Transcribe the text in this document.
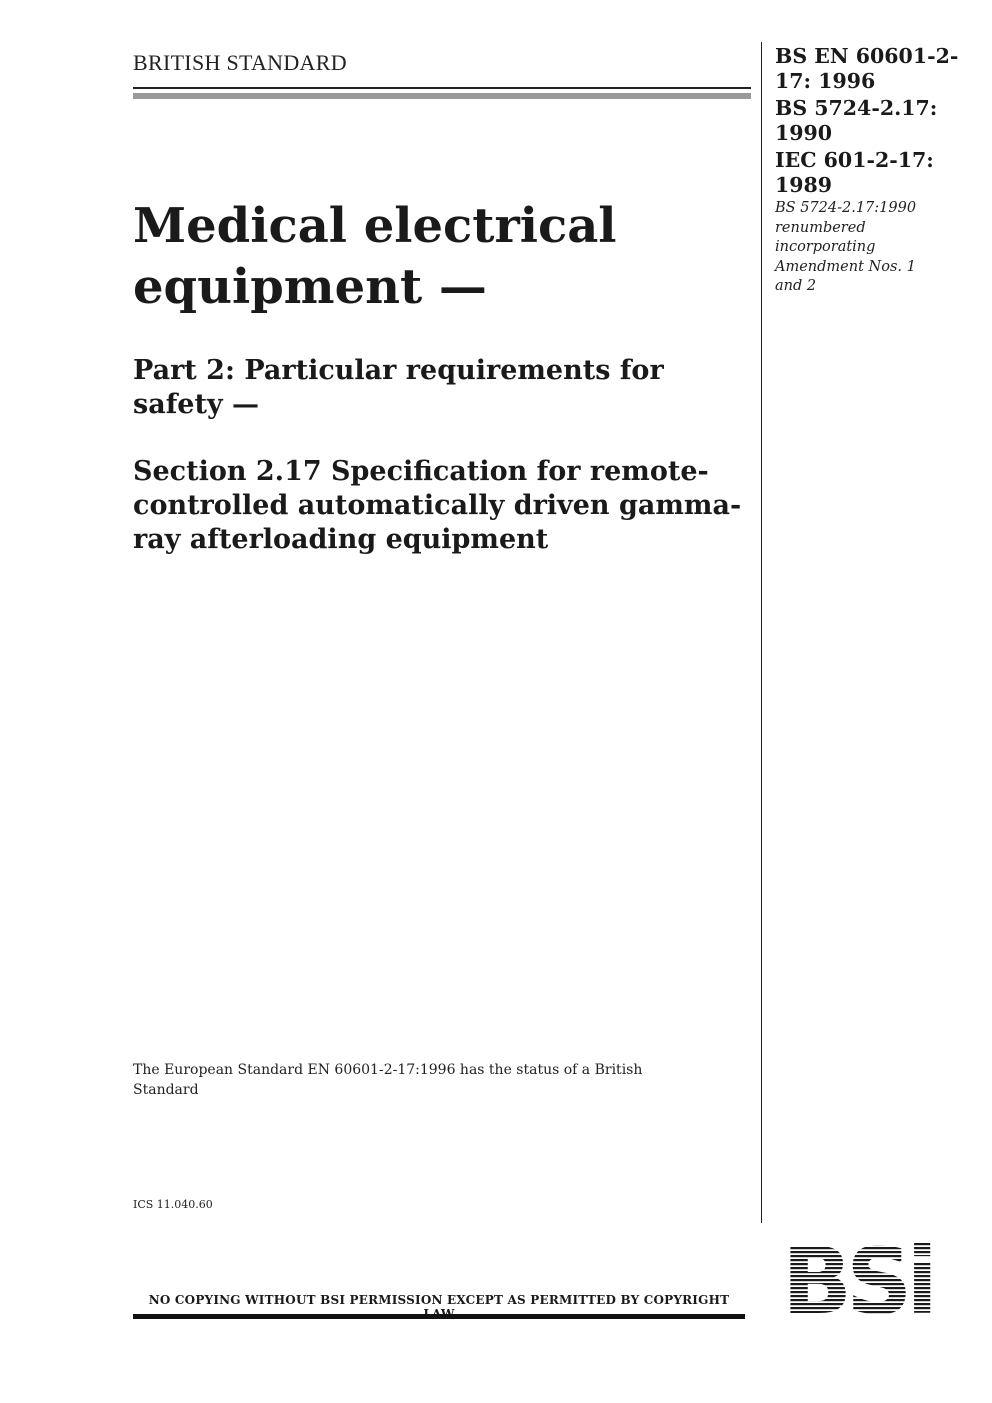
BRITISH STANDARD	BS EN 60601-2-17: 1996
BS 5724-2.17: 1990
IEC 601-2-17: 1989
BS 5724-2.17:1990 renumbered incorporating Amendment Nos. 1 and 2
Medical electrical equipment —
Part 2: Particular requirements for safety —
Section 2.17 Specification for remote-controlled automatically driven gamma-ray afterloading equipment
The European Standard EN 60601-2-17:1996 has the status of a British Standard
ICS 11.040.60
NO COPYING WITHOUT BSI PERMISSION EXCEPT AS PERMITTED BY COPYRIGHT
